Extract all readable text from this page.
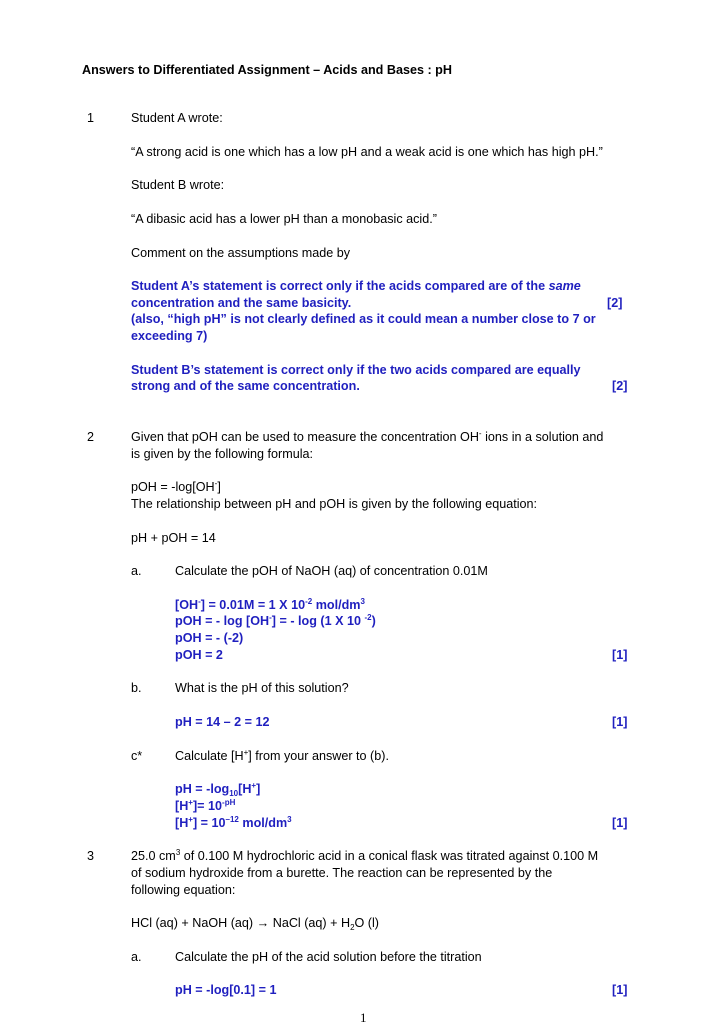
Answers to Differentiated Assignment – Acids and Bases : pH
1	Student A wrote:
“A strong acid is one which has a low pH and a weak acid is one which has high pH.”
Student B wrote:
“A dibasic acid has a lower pH than a monobasic acid.”
Comment on the assumptions made by
Student A’s statement is correct only if the acids compared are of the same
concentration and the same basicity.	[2]
(also, “high pH” is not clearly defined as it could mean a number close to 7 or
exceeding 7)
Student B’s statement is correct only if the two acids compared are equally
strong and of the same concentration.	[2]
2	Given that pOH can be used to measure the concentration OH- ions in a solution and
is given by the following formula:
pOH = -log[OH-]
The relationship between pH and pOH is given by the following equation:
pH + pOH = 14
a.	Calculate the pOH of NaOH (aq) of concentration 0.01M
[OH-] = 0.01M = 1 X $10^{-2}$ mol/$dm^3$
pOH = - log [OH-] = - log (1 X 10 $^{-2}$)
pOH = - (-2)
pOH = 2	[1]
b.	What is the pH of this solution?
pH = 14 – 2 = 12	[1]
c*	Calculate [H+] from your answer to (b).
pH = $-\log_{10}[H^+]$
$[H^+]= 10^{-pH}$
$[H^+] = 10^{-12}$ mol/$dm^3$	[1]
3	25.0 $cm^3$ of 0.100 M hydrochloric acid in a conical flask was titrated against 0.100 M
of sodium hydroxide from a burette. The reaction can be represented by the
following equation:
HCl (aq) + NaOH (aq) → NaCl $(aq) + H_2O$ (l)
a.	Calculate the pH of the acid solution before the titration
pH = -log[0.1] = 1	[1]
1
